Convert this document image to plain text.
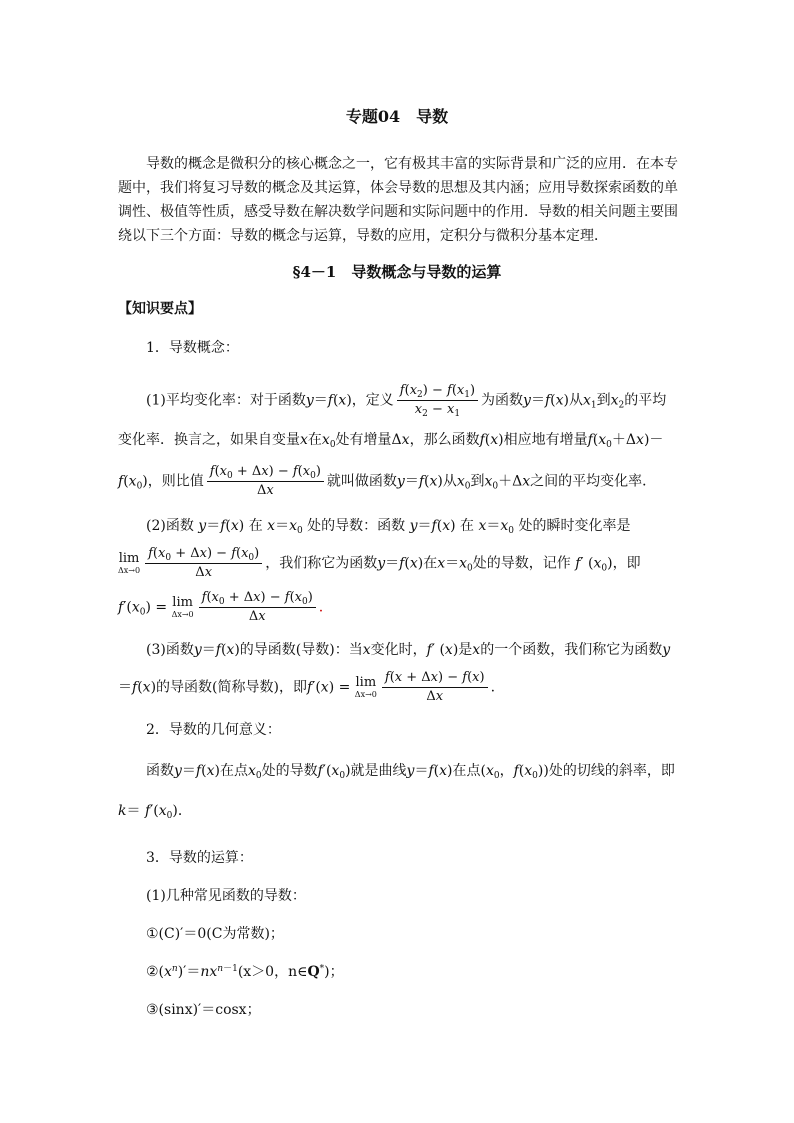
专题04　导数
导数的概念是微积分的核心概念之一，它有极其丰富的实际背景和广泛的应用．在本专
题中，我们将复习导数的概念及其运算，体会导数的思想及其内涵；应用导数探索函数的单
调性、极值等性质，感受导数在解决数学问题和实际问题中的作用．导数的相关问题主要围
绕以下三个方面：导数的概念与运算，导数的应用，定积分与微积分基本定理．
§4－1　导数概念与导数的运算
【知识要点】
1．导数概念：
(1)平均变化率：对于函数y＝f(x)，定义 $\frac{f(x_2) - f(x_1)}{x_2 - x_1}$ 为函数y＝f(x)从$x_1$到$x_2$的平均
变化率．换言之，如果自变量x在$x_0$处有增量Δx，那么函数f(x)相应地有增量$f(x_0+\Delta x)-$
$f(x_0)$，则比值 $\frac{f(x_0 + \Delta x) - f(x_0)}{\Delta x}$ 就叫做函数y＝f(x)从$x_0$到$x_0+\Delta x$之间的平均变化率．
(2)函数 y＝f(x) 在 $x=x_0$ 处的导数：函数 y＝f(x) 在 $x=x_0$ 处的瞬时变化率是
lim
$\Delta x\to 0 \frac{f(x_0 + \Delta x) - f(x_0)}{\Delta x}$ ，我们称它为函数y＝f(x)在$x=x_0$处的导数，记作 f′ $(x_0)$，即
$f'(x_0) = \lim$
$\Delta x\to 0 \frac{f(x_0 + \Delta x) - f(x_0)}{\Delta x}$ .
(3)函数y＝f(x)的导函数(导数)：当x变化时，f′ (x)是x的一个函数，我们称它为函数y
＝f(x)的导函数(简称导数)，即f′(x) = lim
$\Delta x\to 0 \frac{f(x + \Delta x) - f(x)}{\Delta x}$ .
2．导数的几何意义：
函数y＝f(x)在点$x_0$处的导数$f'(x_0)$就是曲线y＝f(x)在点($x_0$，$f(x_0)$)处的切线的斜率，即
$k= f'(x_0)$．
3．导数的运算：
(1)几种常见函数的导数：
①(C)′＝0(C为常数)；
$②(x^n)'=nx^{n-1}(x>0$，n∈Q*)；
③(sinx)′＝cosx；
